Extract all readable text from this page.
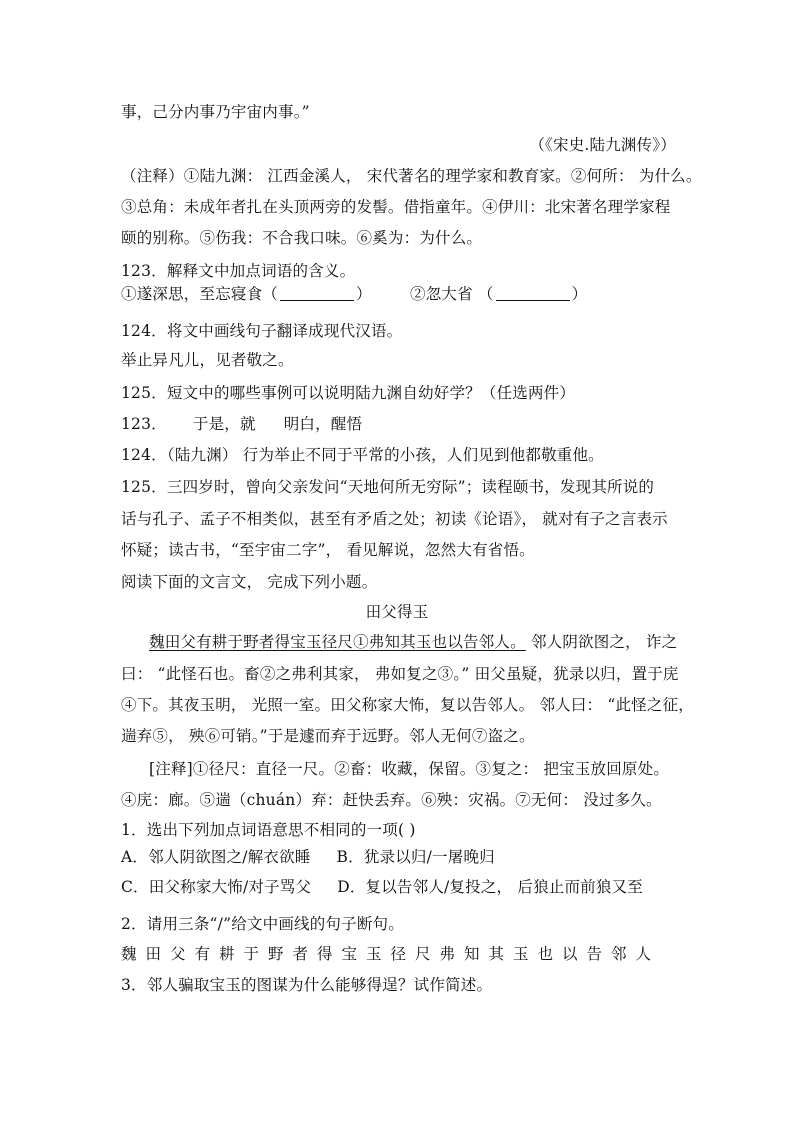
事，己分内事乃宇宙内事。”
（《宋史.陆九渊传》）
（注释）①陆九渊： 江西金溪人， 宋代著名的理学家和教育家。②何所： 为什么。
③总角：未成年者扎在头顶两旁的发髻。借指童年。④伊川：北宋著名理学家程
颐的别称。⑤伤我：不合我口味。⑥奚为：为什么。
123．解释文中加点词语的含义。
①遂深思，至忘寝食（	） ②忽大省 （	）
124．将文中画线句子翻译成现代汉语。
举止异凡儿，见者敬之。
125．短文中的哪些事例可以说明陆九渊自幼好学？（任选两件）
123． 于是，就 明白，醒悟
124．（陆九渊） 行为举止不同于平常的小孩，人们见到他都敬重他。
125．三四岁时，曾向父亲发问“天地何所无穷际”；读程颐书，发现其所说的
话与孔子、孟子不相类似，甚至有矛盾之处；初读《论语》， 就对有子之言表示
怀疑；读古书，“至宇宙二字”， 看见解说，忽然大有省悟。
阅读下面的文言文， 完成下列小题。
田父得玉
魏田父有耕于野者得宝玉径尺①弗知其玉也以告邻人。 邻人阴欲图之， 诈之
曰： “此怪石也。畜②之弗利其家， 弗如复之③。” 田父虽疑，犹录以归，置于庑
④下。其夜玉明， 光照一室。田父称家大怖，复以告邻人。 邻人曰： “此怪之征，
遄弃⑤， 殃⑥可销。”于是遽而弃于远野。邻人无何⑦盗之。
[注释]①径尺：直径一尺。②畜：收藏，保留。③复之： 把宝玉放回原处。
④庑：廊。⑤遄（chuán）弃：赶快丢弃。⑥殃：灾祸。⑦无何： 没过多久。
1．选出下列加点词语意思不相同的一项( )
A．邻人阴欲图之/解衣欲睡 B．犹录以归/一屠晚归
C．田父称家大怖/对子骂父 D．复以告邻人/复投之， 后狼止而前狼又至
2．请用三条“/”给文中画线的句子断句。
魏田父有耕于野者得宝玉径尺弗知其玉也以告邻人
3．邻人骗取宝玉的图谋为什么能够得逞？试作简述。
